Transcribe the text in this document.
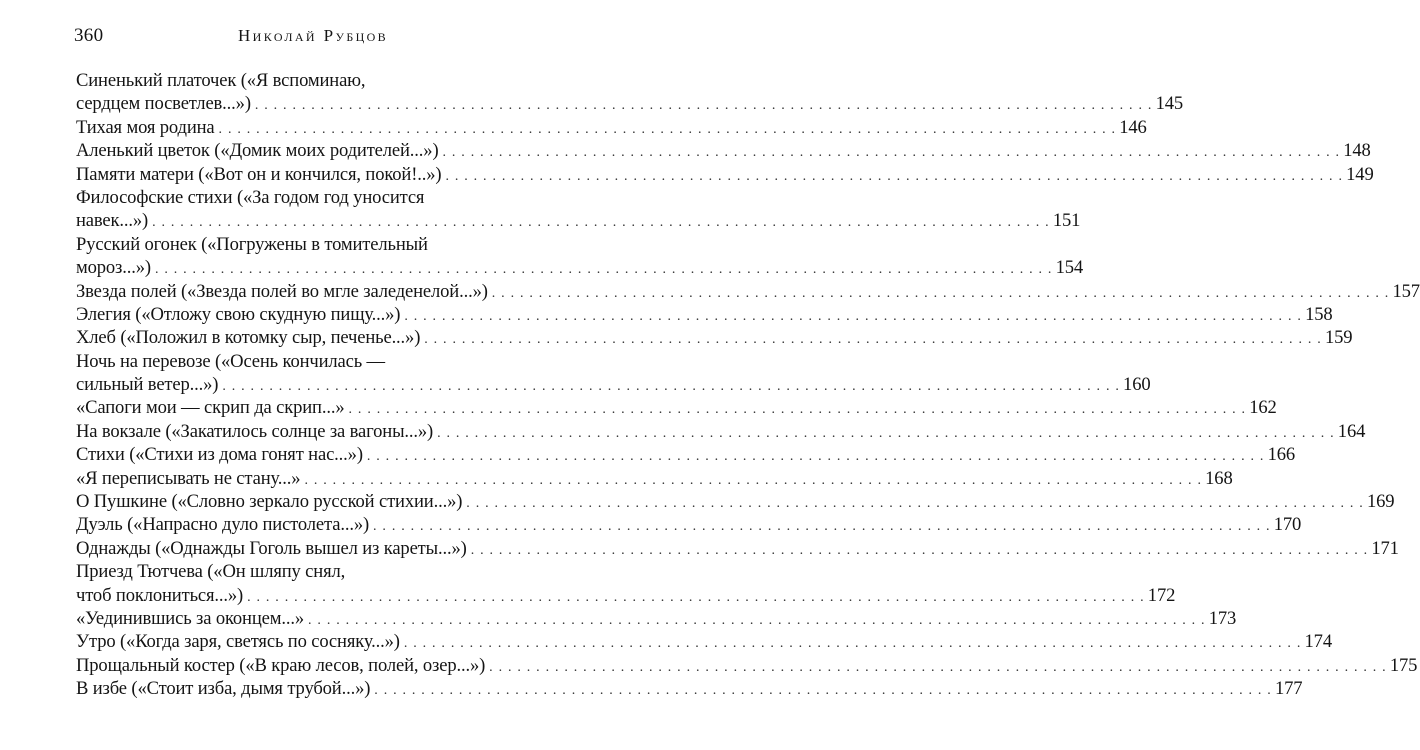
360	Николай Рубцов
Синенький платочек («Я вспоминаю,
сердцем посветлев...») . . .	145
Тихая моя родина . . .	146
Аленький цветок («Домик моих родителей...») . . .	148
Памяти матери («Вот он и кончился, покой!..») . . .	149
Философские стихи («За годом год уносится
навек...») . . .	151
Русский огонек («Погружены в томительный
мороз...») . . .	154
Звезда полей («Звезда полей во мгле заледенелой...») . . .	157
Элегия («Отложу свою скудную пищу...») . . .	158
Хлеб («Положил в котомку сыр, печенье...») . . .	159
Ночь на перевозе («Осень кончилась —
сильный ветер...») . . .	160
«Сапоги мои — скрип да скрип...» . . .	162
На вокзале («Закатилось солнце за вагоны...») . . .	164
Стихи («Стихи из дома гонят нас...») . . .	166
«Я переписывать не стану...» . . .	168
О Пушкине («Словно зеркало русской стихии...») . . .	169
Дуэль («Напрасно дуло пистолета...») . . .	170
Однажды («Однажды Гоголь вышел из кареты...») . . .	171
Приезд Тютчева («Он шляпу снял,
чтоб поклониться...») . . .	172
«Уединившись за оконцем...» . . .	173
Утро («Когда заря, светясь по сосняку...») . . .	174
Прощальный костер («В краю лесов, полей, озер...») . . .	175
В избе («Стоит изба, дымя трубой...») . . .	177
